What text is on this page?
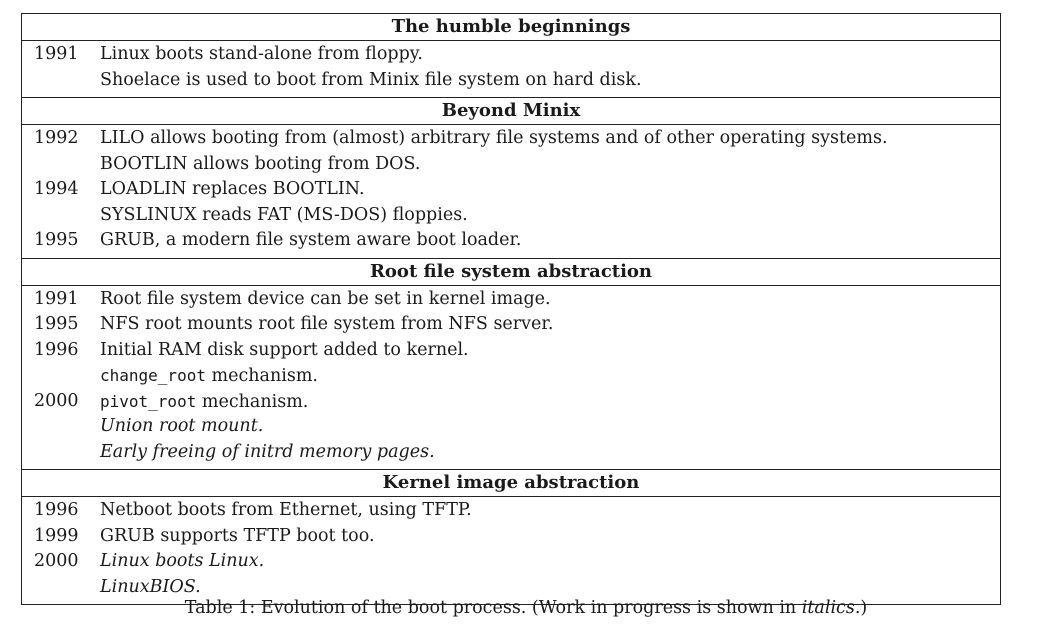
The humble beginnings
1991	Linux boots stand-alone from floppy.
Shoelace is used to boot from Minix file system on hard disk.
Beyond Minix
1992	LILO allows booting from (almost) arbitrary file systems and of other operating systems.
BOOTLIN allows booting from DOS.
1994	LOADLIN replaces BOOTLIN.
SYSLINUX reads FAT (MS-DOS) floppies.
1995	GRUB, a modern file system aware boot loader.
Root file system abstraction
1991	Root file system device can be set in kernel image.
1995	NFS root mounts root file system from NFS server.
1996	Initial RAM disk support added to kernel.
change_root mechanism.
2000	pivot_root mechanism.
Union root mount.
Early freeing of initrd memory pages.
Kernel image abstraction
1996	Netboot boots from Ethernet, using TFTP.
1999	GRUB supports TFTP boot too.
2000	Linux boots Linux.
LinuxBIOS.
Table 1: Evolution of the boot process. (Work in progress is shown in italics.)
